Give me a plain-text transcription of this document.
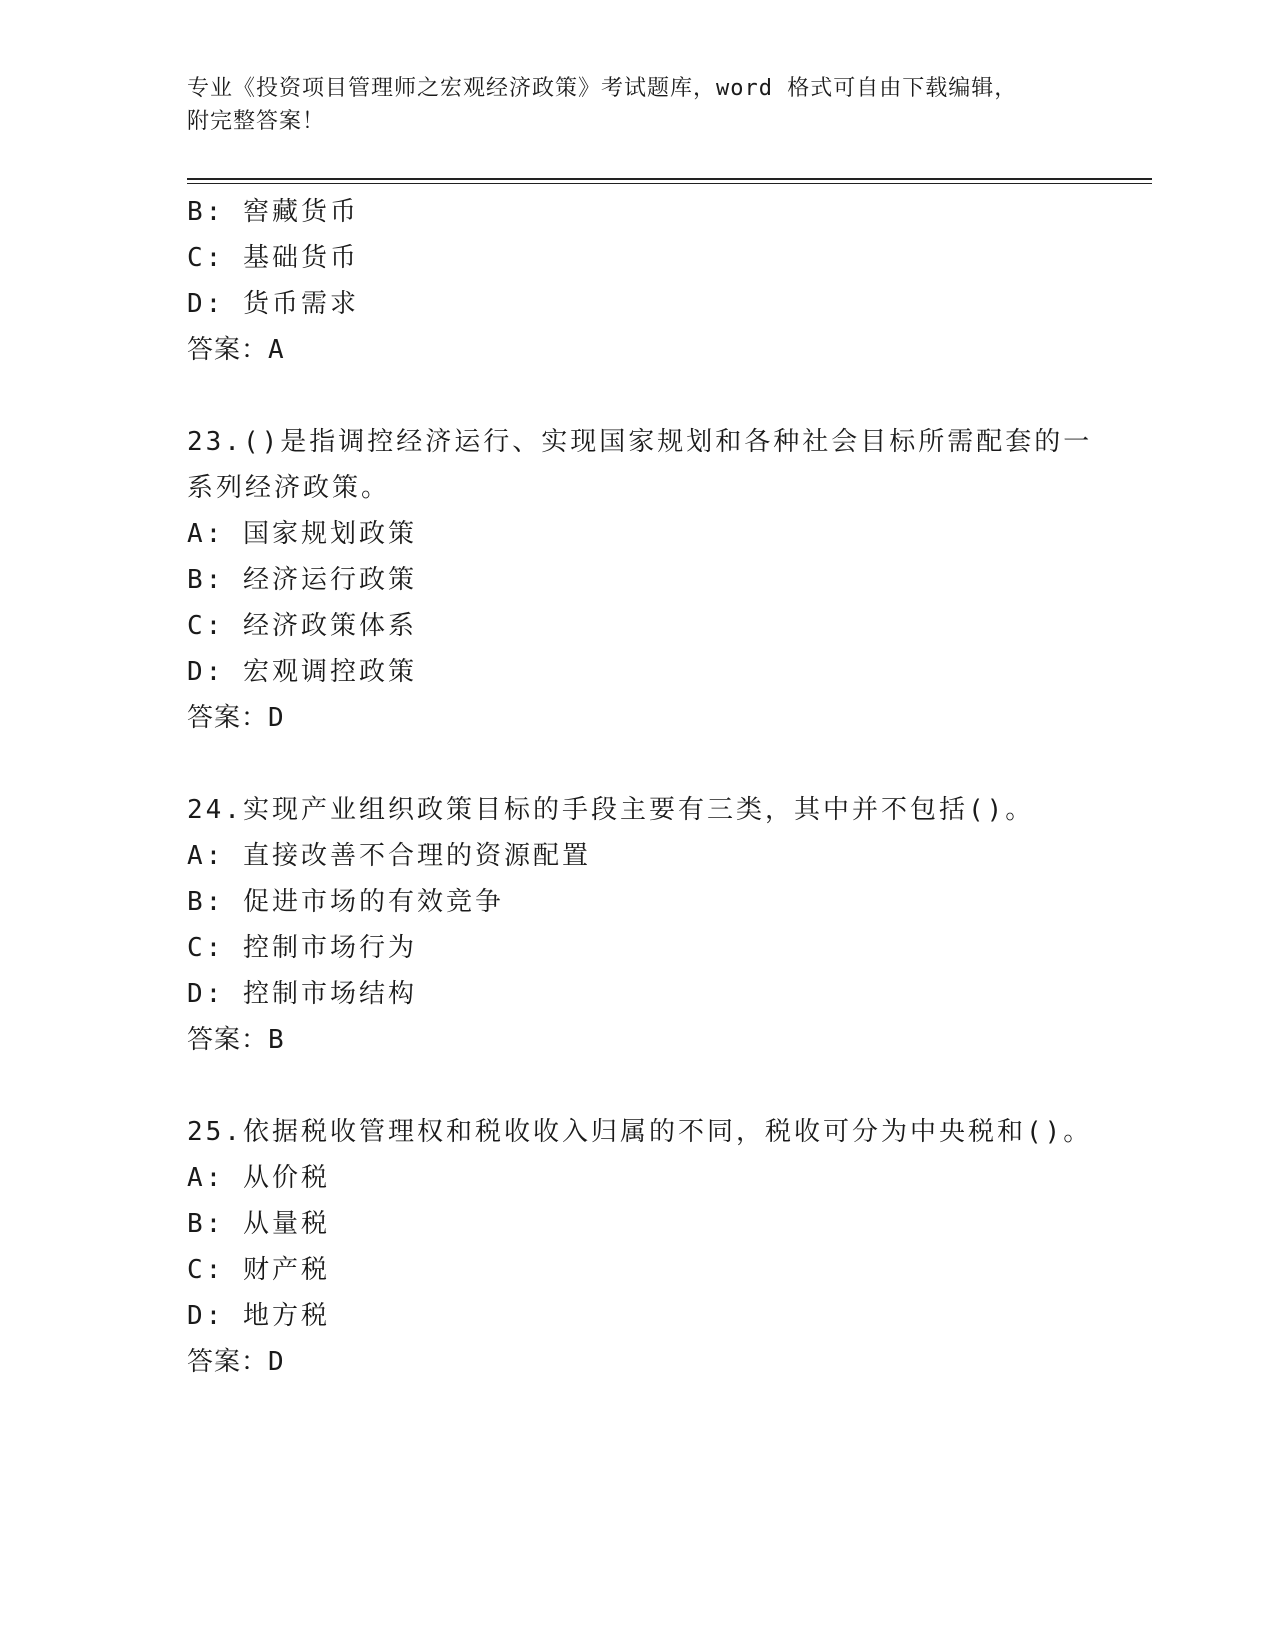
专业《投资项目管理师之宏观经济政策》考试题库，word 格式可自由下载编辑，
附完整答案！
B: 窖藏货币
C: 基础货币
D: 货币需求
答案：A
23.()是指调控经济运行、实现国家规划和各种社会目标所需配套的一
系列经济政策。
A: 国家规划政策
B: 经济运行政策
C: 经济政策体系
D: 宏观调控政策
答案：D
24.实现产业组织政策目标的手段主要有三类，其中并不包括()。
A: 直接改善不合理的资源配置
B: 促进市场的有效竞争
C: 控制市场行为
D: 控制市场结构
答案：B
25.依据税收管理权和税收收入归属的不同，税收可分为中央税和()。
A: 从价税
B: 从量税
C: 财产税
D: 地方税
答案：D
